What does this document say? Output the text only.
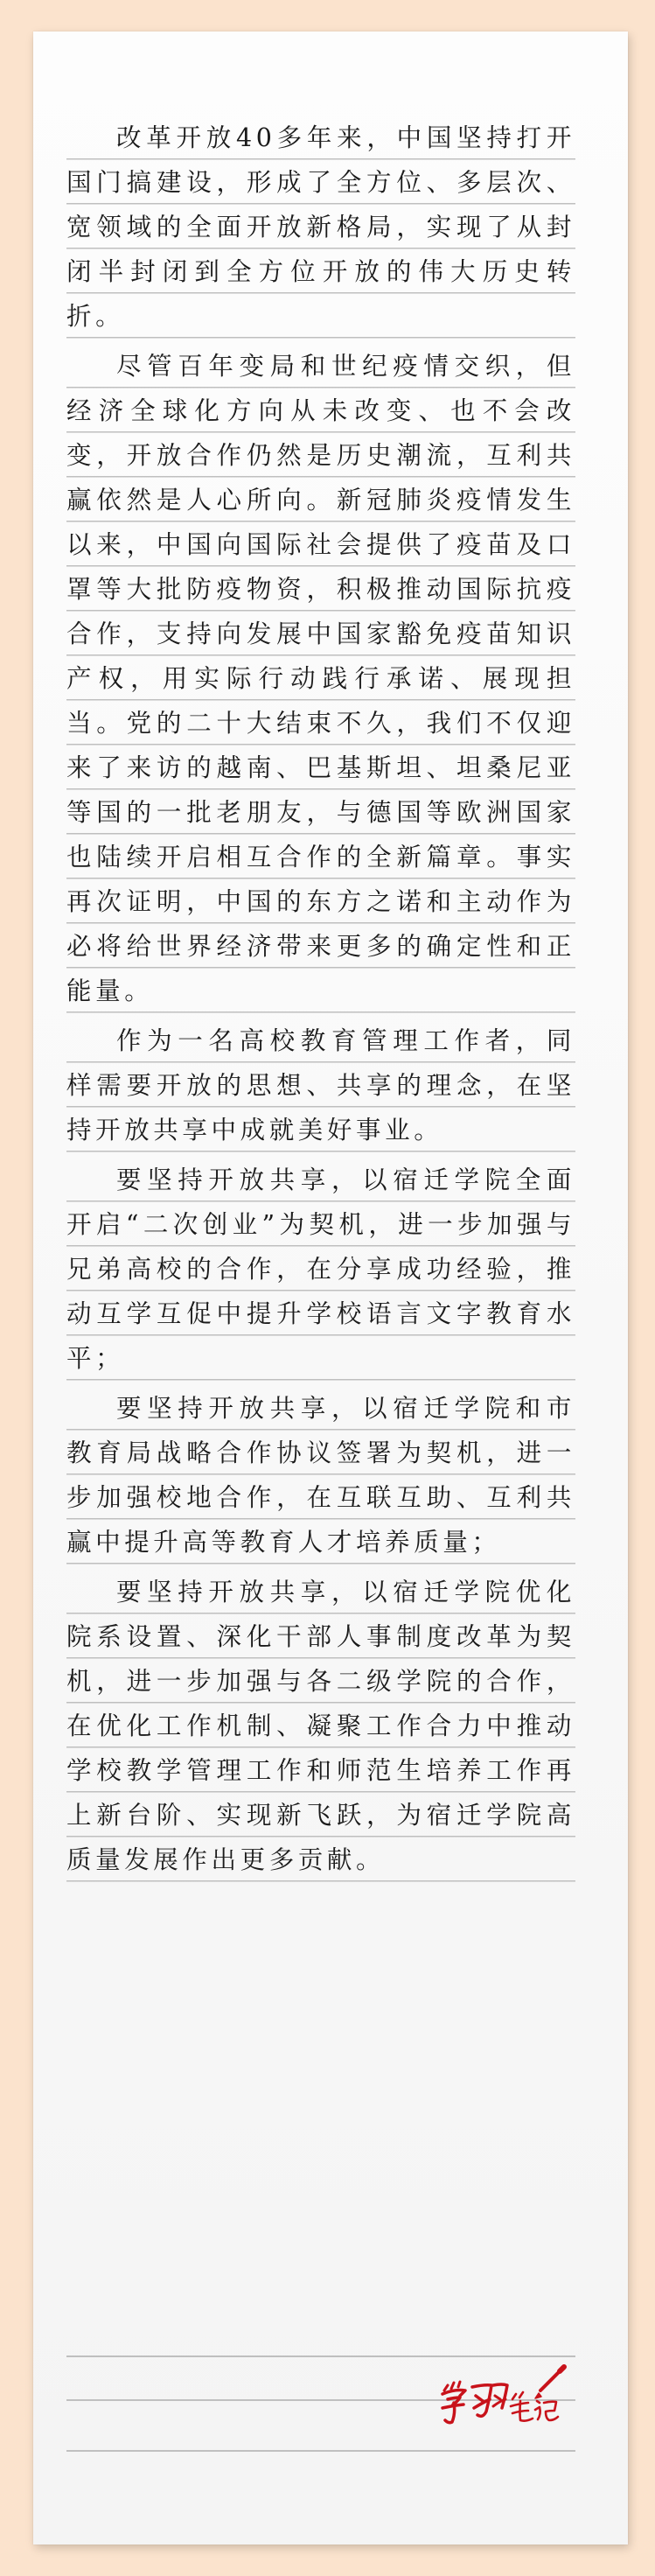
改革开放40多年来，中国坚持打开国门搞建设，形成了全方位、多层次、宽领域的全面开放新格局，实现了从封闭半封闭到全方位开放的伟大历史转折。

尽管百年变局和世纪疫情交织，但经济全球化方向从未改变、也不会改变，开放合作仍然是历史潮流，互利共赢依然是人心所向。新冠肺炎疫情发生以来，中国向国际社会提供了疫苗及口罩等大批防疫物资，积极推动国际抗疫合作，支持向发展中国家豁免疫苗知识产权，用实际行动践行承诺、展现担当。党的二十大结束不久，我们不仅迎来了来访的越南、巴基斯坦、坦桑尼亚等国的一批老朋友，与德国等欧洲国家也陆续开启相互合作的全新篇章。事实再次证明，中国的东方之诺和主动作为必将给世界经济带来更多的确定性和正能量。

作为一名高校教育管理工作者，同样需要开放的思想、共享的理念，在坚持开放共享中成就美好事业。

要坚持开放共享，以宿迁学院全面开启“二次创业”为契机，进一步加强与兄弟高校的合作，在分享成功经验，推动互学互促中提升学校语言文字教育水平；

要坚持开放共享，以宿迁学院和市教育局战略合作协议签署为契机，进一步加强校地合作，在互联互助、互利共赢中提升高等教育人才培养质量；

要坚持开放共享，以宿迁学院优化院系设置、深化干部人事制度改革为契机，进一步加强与各二级学院的合作，在优化工作机制、凝聚工作合力中推动学校教学管理工作和师范生培养工作再上新台阶、实现新飞跃，为宿迁学院高质量发展作出更多贡献。
